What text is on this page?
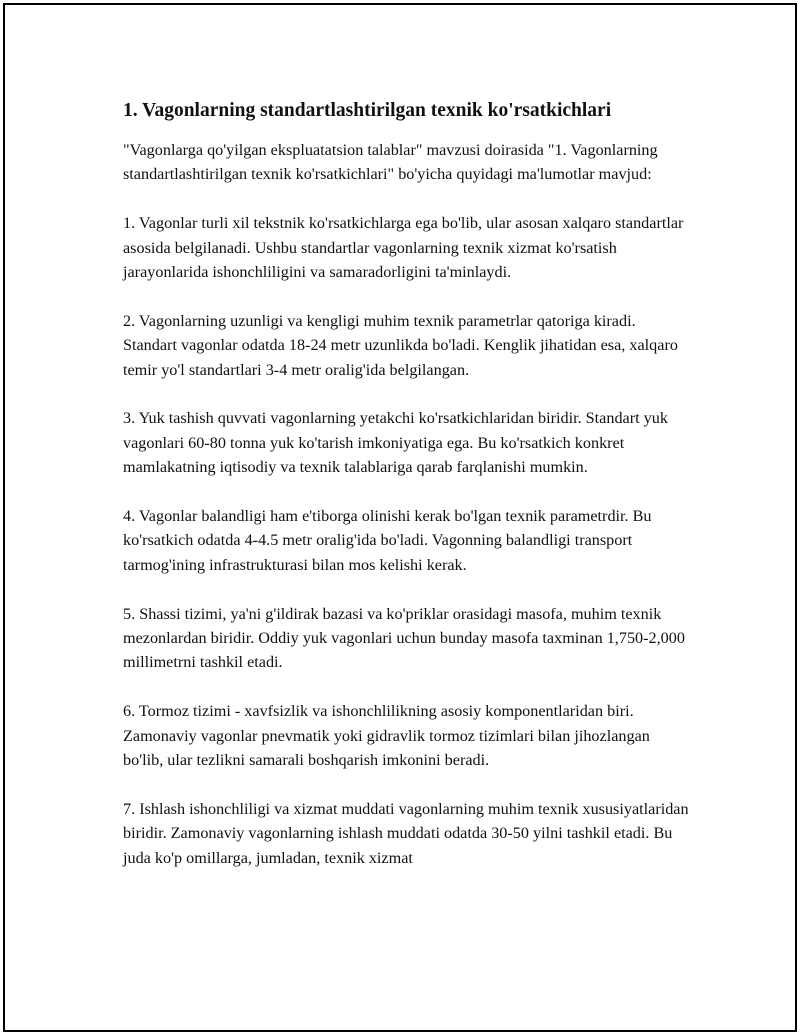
1. Vagonlarning standartlashtirilgan texnik ko'rsatkichlari

"Vagonlarga qo'yilgan ekspluatatsion talablar" mavzusi doirasida "1. Vagonlarning standartlashtirilgan texnik ko'rsatkichlari" bo'yicha quyidagi ma'lumotlar mavjud:

1. Vagonlar turli xil tekstnik ko'rsatkichlarga ega bo'lib, ular asosan xalqaro standartlar asosida belgilanadi. Ushbu standartlar vagonlarning texnik xizmat ko'rsatish jarayonlarida ishonchliligini va samaradorligini ta'minlaydi.

2. Vagonlarning uzunligi va kengligi muhim texnik parametrlar qatoriga kiradi. Standart vagonlar odatda 18-24 metr uzunlikda bo'ladi. Kenglik jihatidan esa, xalqaro temir yo'l standartlari 3-4 metr oralig'ida belgilangan.

3. Yuk tashish quvvati vagonlarning yetakchi ko'rsatkichlaridan biridir. Standart yuk vagonlari 60-80 tonna yuk ko'tarish imkoniyatiga ega. Bu ko'rsatkich konkret mamlakatning iqtisodiy va texnik talablariga qarab farqlanishi mumkin.

4. Vagonlar balandligi ham e'tiborga olinishi kerak bo'lgan texnik parametrdir. Bu ko'rsatkich odatda 4-4.5 metr oralig'ida bo'ladi. Vagonning balandligi transport tarmog'ining infrastrukturasi bilan mos kelishi kerak.

5. Shassi tizimi, ya'ni g'ildirak bazasi va ko'priklar orasidagi masofa, muhim texnik mezonlardan biridir. Oddiy yuk vagonlari uchun bunday masofa taxminan 1,750-2,000 millimetrni tashkil etadi.

6. Tormoz tizimi - xavfsizlik va ishonchlilikning asosiy komponentlaridan biri. Zamonaviy vagonlar pnevmatik yoki gidravlik tormoz tizimlari bilan jihozlangan bo'lib, ular tezlikni samarali boshqarish imkonini beradi.

7. Ishlash ishonchliligi va xizmat muddati vagonlarning muhim texnik xususiyatlaridan biridir. Zamonaviy vagonlarning ishlash muddati odatda 30-50 yilni tashkil etadi. Bu juda ko'p omillarga, jumladan, texnik xizmat
